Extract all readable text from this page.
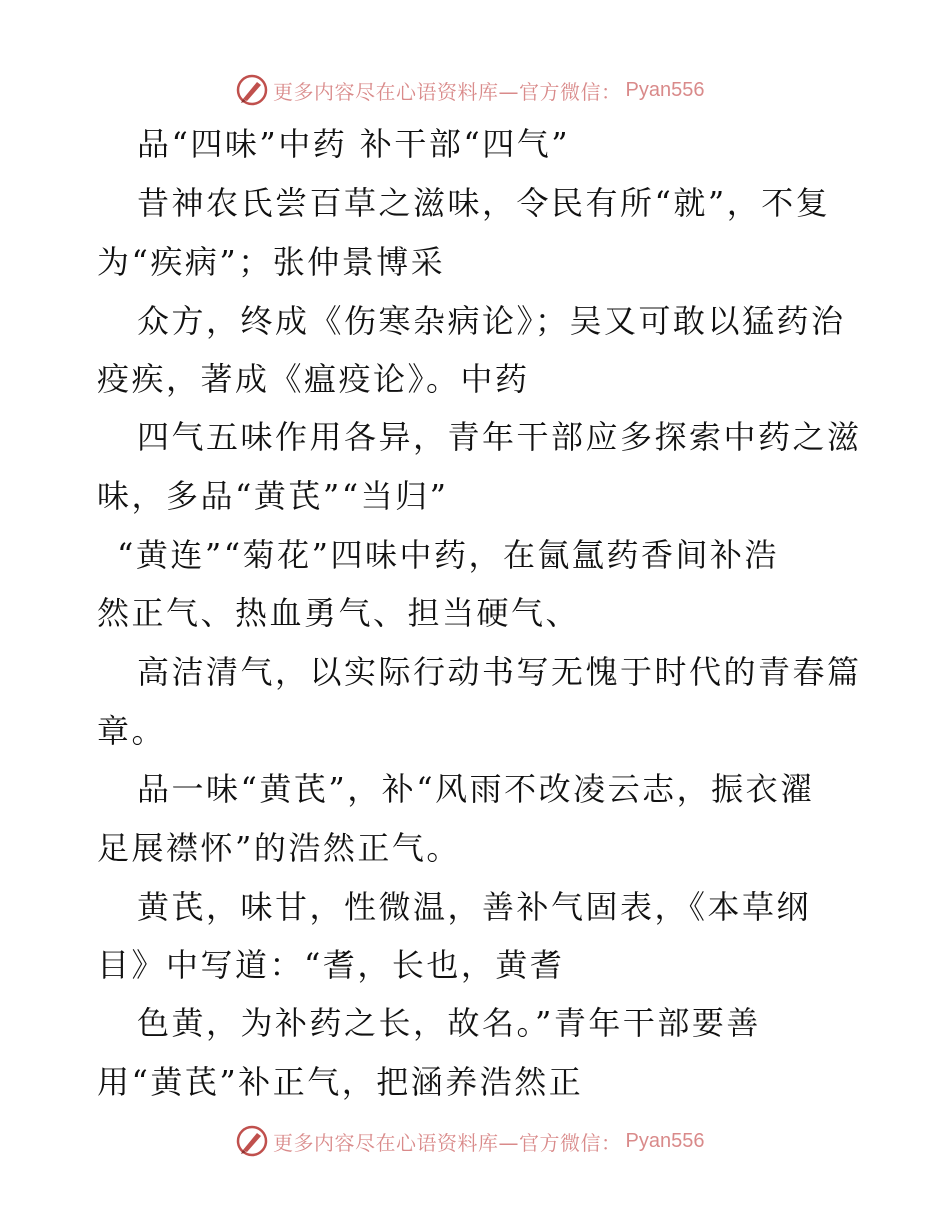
更多内容尽在心语资料库—官方微信： Pyan556
品“四味”中药 补干部“四气”
昔神农氏尝百草之滋味，令民有所“就”，不复
为“疾病”；张仲景博采
众方，终成《伤寒杂病论》；吴又可敢以猛药治
疫疾，著成《瘟疫论》。中药
四气五味作用各异，青年干部应多探索中药之滋
味，多品“黄芪”“当归”
“黄连”“菊花”四味中药，在氤氲药香间补浩
然正气、热血勇气、担当硬气、
高洁清气，以实际行动书写无愧于时代的青春篇
章。
品一味“黄芪”，补“风雨不改凌云志，振衣濯
足展襟怀”的浩然正气。
黄芪，味甘，性微温，善补气固表，《本草纲
目》中写道：“耆，长也，黄耆
色黄，为补药之长，故名。”青年干部要善
用“黄芪”补正气，把涵养浩然正
更多内容尽在心语资料库—官方微信： Pyan556
